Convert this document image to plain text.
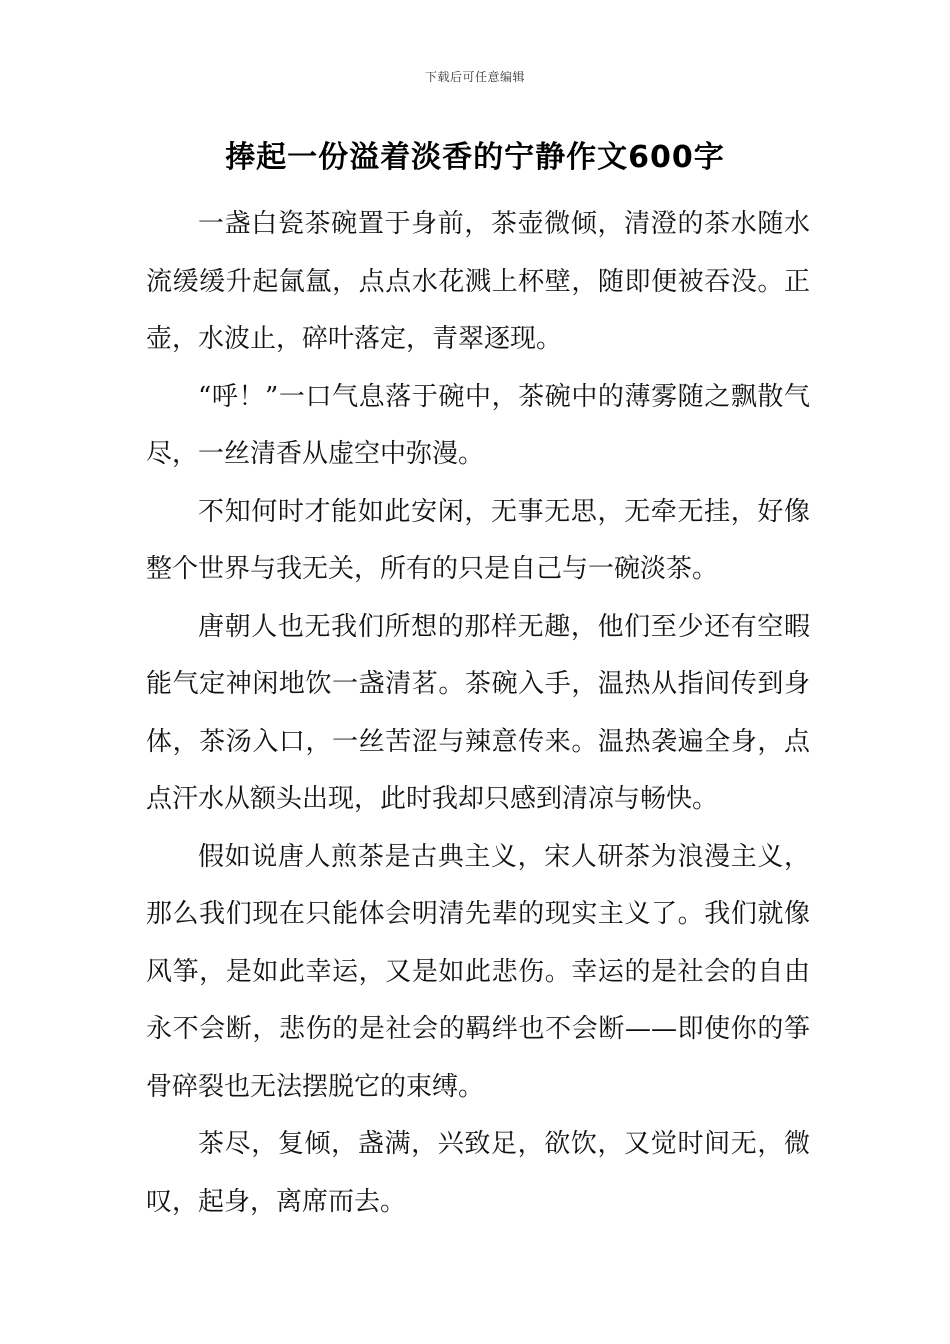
下载后可任意编辑
捧起一份溢着淡香的宁静作文600字

一盏白瓷茶碗置于身前，茶壶微倾，清澄的茶水随水流缓缓升起氤氲，点点水花溅上杯壁，随即便被吞没。正壶，水波止，碎叶落定，青翠逐现。

“呼！”一口气息落于碗中，茶碗中的薄雾随之飘散气尽，一丝清香从虚空中弥漫。

不知何时才能如此安闲，无事无思，无牵无挂，好像整个世界与我无关，所有的只是自己与一碗淡茶。

唐朝人也无我们所想的那样无趣，他们至少还有空暇能气定神闲地饮一盏清茗。茶碗入手，温热从指间传到身体，茶汤入口，一丝苦涩与辣意传来。温热袭遍全身，点点汗水从额头出现，此时我却只感到清凉与畅快。

假如说唐人煎茶是古典主义，宋人研茶为浪漫主义，那么我们现在只能体会明清先辈的现实主义了。我们就像风筝，是如此幸运，又是如此悲伤。幸运的是社会的自由永不会断，悲伤的是社会的羁绊也不会断——即使你的筝骨碎裂也无法摆脱它的束缚。

茶尽，复倾，盏满，兴致足，欲饮，又觉时间无，微叹，起身，离席而去。
